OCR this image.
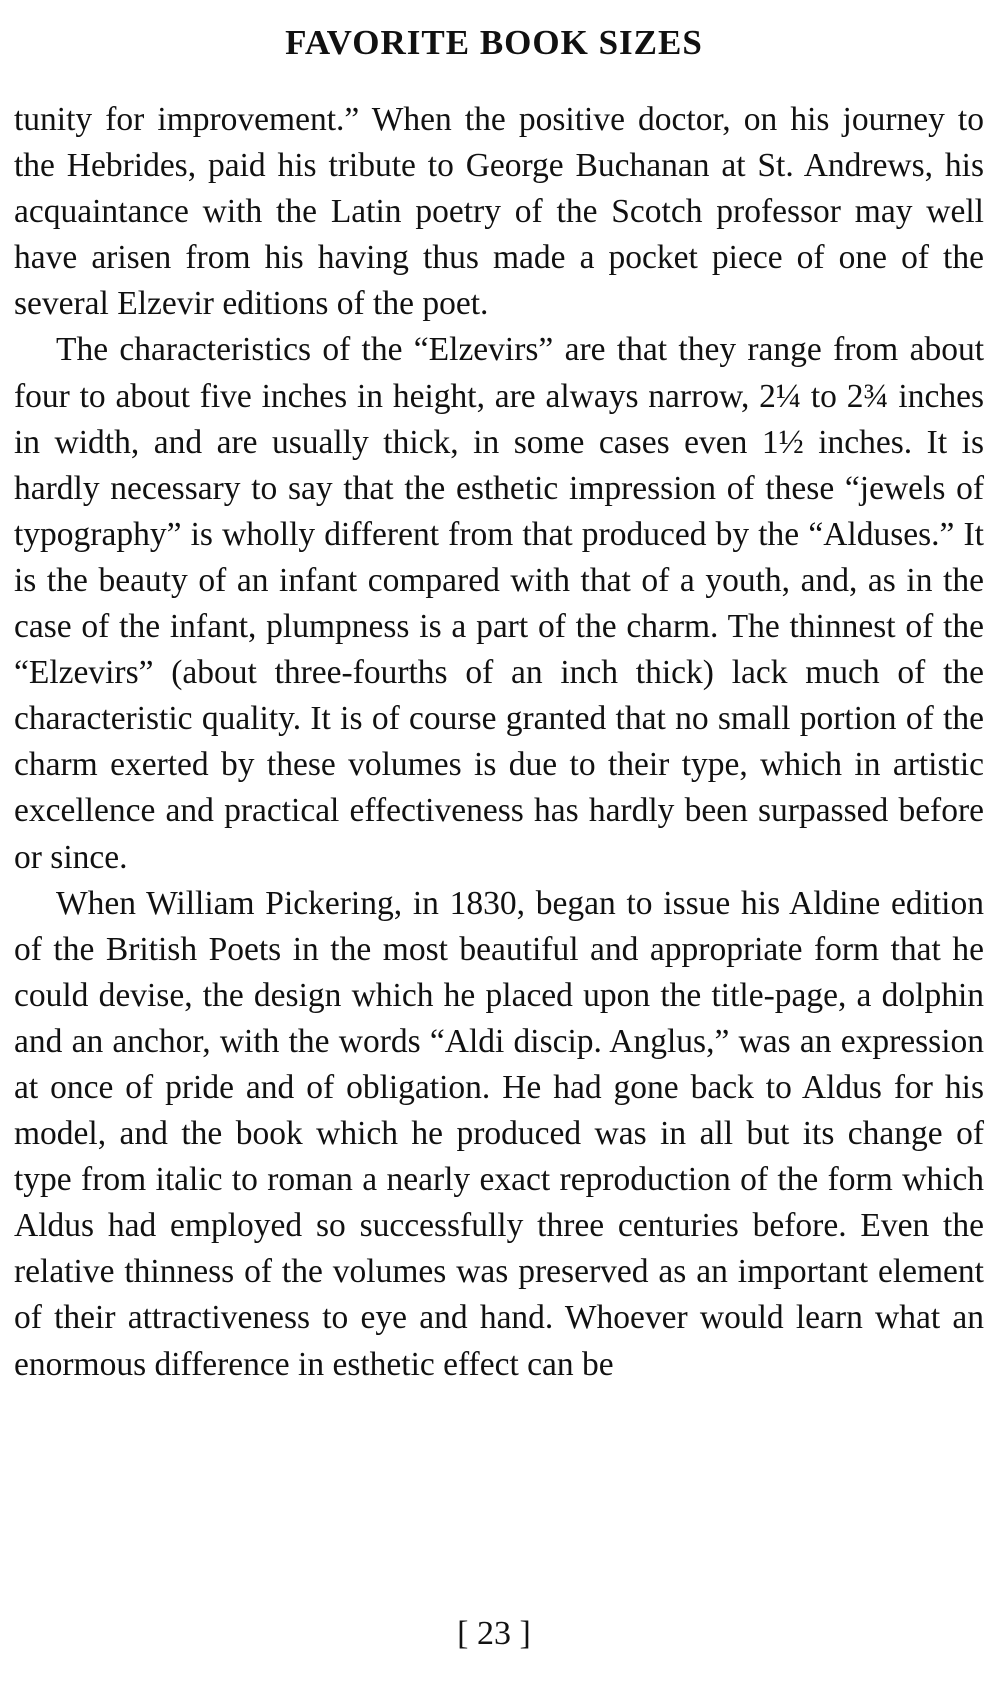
FAVORITE BOOK SIZES

tunity for improvement.” When the positive doctor, on his journey to the Hebrides, paid his tribute to George Buchanan at St. Andrews, his acquaintance with the Latin poetry of the Scotch professor may well have arisen from his having thus made a pocket piece of one of the several Elzevir editions of the poet.

The characteristics of the “Elzevirs” are that they range from about four to about five inches in height, are always narrow, 2¼ to 2¾ inches in width, and are usually thick, in some cases even 1½ inches. It is hardly necessary to say that the esthetic impression of these “jewels of typography” is wholly different from that produced by the “Alduses.” It is the beauty of an infant compared with that of a youth, and, as in the case of the infant, plumpness is a part of the charm. The thinnest of the “Elzevirs” (about three-fourths of an inch thick) lack much of the characteristic quality. It is of course granted that no small portion of the charm exerted by these volumes is due to their type, which in artistic excellence and practical effectiveness has hardly been surpassed before or since.

When William Pickering, in 1830, began to issue his Aldine edition of the British Poets in the most beautiful and appropriate form that he could devise, the design which he placed upon the title-page, a dolphin and an anchor, with the words “Aldi discip. Anglus,” was an expression at once of pride and of obligation. He had gone back to Aldus for his model, and the book which he produced was in all but its change of type from italic to roman a nearly exact reproduction of the form which Aldus had employed so successfully three centuries before. Even the relative thinness of the volumes was preserved as an important element of their attractiveness to eye and hand. Whoever would learn what an enormous difference in esthetic effect can be

[ 23 ]
